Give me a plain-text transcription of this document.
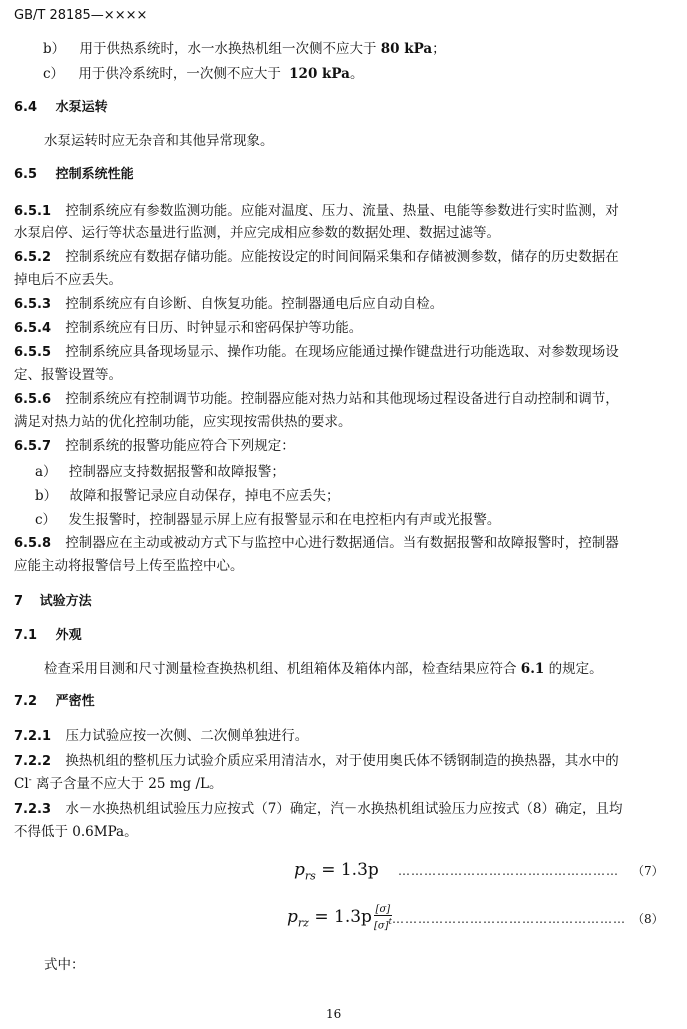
GB/T 28185—××××
b） 用于供热系统时，水一水换热机组一次侧不应大于 80 kPa；
c） 用于供冷系统时，一次侧不应大于 120 kPa。
6.4 水泵运转
水泵运转时应无杂音和其他异常现象。
6.5 控制系统性能
6.5.1 控制系统应有参数监测功能。应能对温度、压力、流量、热量、电能等参数进行实时监测，对
水泵启停、运行等状态量进行监测，并应完成相应参数的数据处理、数据过滤等。
6.5.2 控制系统应有数据存储功能。应能按设定的时间间隔采集和存储被测参数，储存的历史数据在
掉电后不应丢失。
6.5.3 控制系统应有自诊断、自恢复功能。控制器通电后应自动自检。
6.5.4 控制系统应有日历、时钟显示和密码保护等功能。
6.5.5 控制系统应具备现场显示、操作功能。在现场应能通过操作键盘进行功能选取、对参数现场设
定、报警设置等。
6.5.6 控制系统应有控制调节功能。控制器应能对热力站和其他现场过程设备进行自动控制和调节，
满足对热力站的优化控制功能，应实现按需供热的要求。
6.5.7 控制系统的报警功能应符合下列规定：
a） 控制器应支持数据报警和故障报警；
b） 故障和报警记录应自动保存，掉电不应丢失；
c） 发生报警时，控制器显示屏上应有报警显示和在电控柜内有声或光报警。
6.5.8 控制器应在主动或被动方式下与监控中心进行数据通信。当有数据报警和故障报警时，控制器
应能主动将报警信号上传至监控中心。
7 试验方法
7.1 外观
检查采用目测和尺寸测量检查换热机组、机组箱体及箱体内部，检查结果应符合 6.1 的规定。
7.2 严密性
7.2.1 压力试验应按一次侧、二次侧单独进行。
7.2.2 换热机组的整机压力试验介质应采用清洁水，对于使用奥氏体不锈钢制造的换热器，其水中的
Cl- 离子含量不应大于 25 mg /L。
7.2.3 水－水换热机组试验压力应按式（7）确定，汽－水换热机组试验压力应按式（8）确定，且均
不得低于 0.6MPa。
$p_{rs} = 1.3p$ ……………………………………………	（7）
$p_{rz} = 1.3p \frac{[\sigma]}{[\sigma]^t}$ ……………………………………………… （8）
式中：
16
